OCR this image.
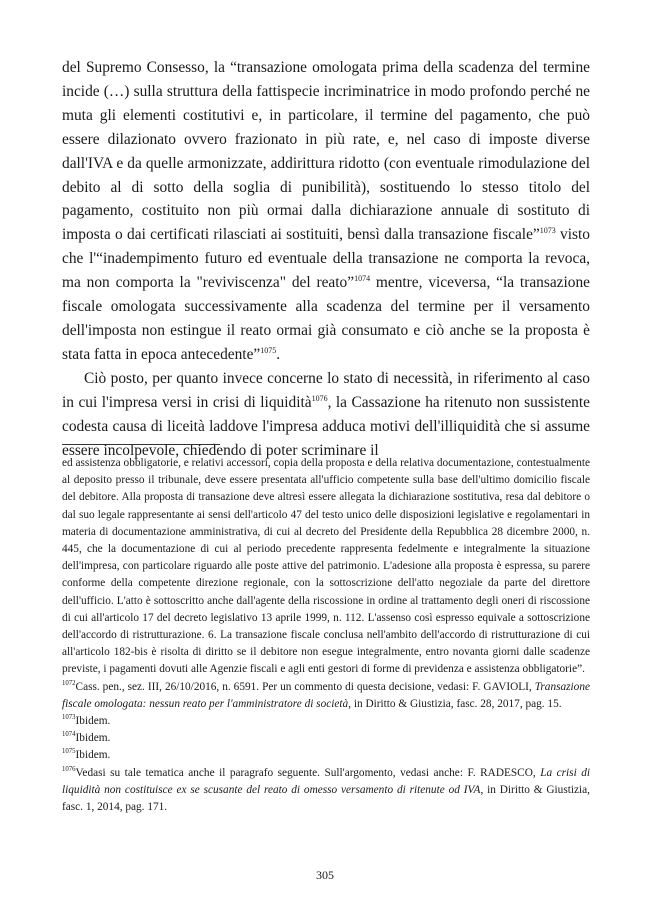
del Supremo Consesso, la “transazione omologata prima della scadenza del termine incide (…) sulla struttura della fattispecie incriminatrice in modo profondo perché ne muta gli elementi costitutivi e, in particolare, il termine del pagamento, che può essere dilazionato ovvero frazionato in più rate, e, nel caso di imposte diverse dall'IVA e da quelle armonizzate, addirittura ridotto (con eventuale rimodulazione del debito al di sotto della soglia di punibilità), sostituendo lo stesso titolo del pagamento, costituito non più ormai dalla dichiarazione annuale di sostituto di imposta o dai certificati rilasciati ai sostituiti, bensì dalla transazione fiscale”$^{1073}$ visto che l'“inadempimento futuro ed eventuale della transazione ne comporta la revoca, ma non comporta la "reviviscenza" del reato”$^{1074}$ mentre, viceversa, “la transazione fiscale omologata successivamente alla scadenza del termine per il versamento dell'imposta non estingue il reato ormai già consumato e ciò anche se la proposta è stata fatta in epoca antecedente”$^{1075}$.

Ciò posto, per quanto invece concerne lo stato di necessità, in riferimento al caso in cui l'impresa versi in crisi di liquidità$^{1076}$, la Cassazione ha ritenuto non sussistente codesta causa di liceità laddove l'impresa adduca motivi dell'illiquidità che si assume essere incolpevole, chiedendo di poter scriminare il

ed assistenza obbligatorie, e relativi accessori, copia della proposta e della relativa documentazione, contestualmente al deposito presso il tribunale, deve essere presentata all'ufficio competente sulla base dell'ultimo domicilio fiscale del debitore. Alla proposta di transazione deve altresì essere allegata la dichiarazione sostitutiva, resa dal debitore o dal suo legale rappresentante ai sensi dell'articolo 47 del testo unico delle disposizioni legislative e regolamentari in materia di documentazione amministrativa, di cui al decreto del Presidente della Repubblica 28 dicembre 2000, n. 445, che la documentazione di cui al periodo precedente rappresenta fedelmente e integralmente la situazione dell'impresa, con particolare riguardo alle poste attive del patrimonio. L'adesione alla proposta è espressa, su parere conforme della competente direzione regionale, con la sottoscrizione dell'atto negoziale da parte del direttore dell'ufficio. L'atto è sottoscritto anche dall'agente della riscossione in ordine al trattamento degli oneri di riscossione di cui all'articolo 17 del decreto legislativo 13 aprile 1999, n. 112. L'assenso così espresso equivale a sottoscrizione dell'accordo di ristrutturazione. 6. La transazione fiscale conclusa nell'ambito dell'accordo di ristrutturazione di cui all'articolo 182-bis è risolta di diritto se il debitore non esegue integralmente, entro novanta giorni dalle scadenze previste, i pagamenti dovuti alle Agenzie fiscali e agli enti gestori di forme di previdenza e assistenza obbligatorie”.

$^{1072}$Cass. pen., sez. III, 26/10/2016, n. 6591. Per un commento di questa decisione, vedasi: F. GAVIOLI, Transazione fiscale omologata: nessun reato per l'amministratore di società, in Diritto & Giustizia, fasc. 28, 2017, pag. 15.

$^{1073}$Ibidem.

$^{1074}$Ibidem.

$^{1075}$Ibidem.

$^{1076}$Vedasi su tale tematica anche il paragrafo seguente. Sull'argomento, vedasi anche: F. RADESCO, La crisi di liquidità non costituisce ex se scusante del reato di omesso versamento di ritenute od IVA, in Diritto & Giustizia, fasc. 1, 2014, pag. 171.

305
